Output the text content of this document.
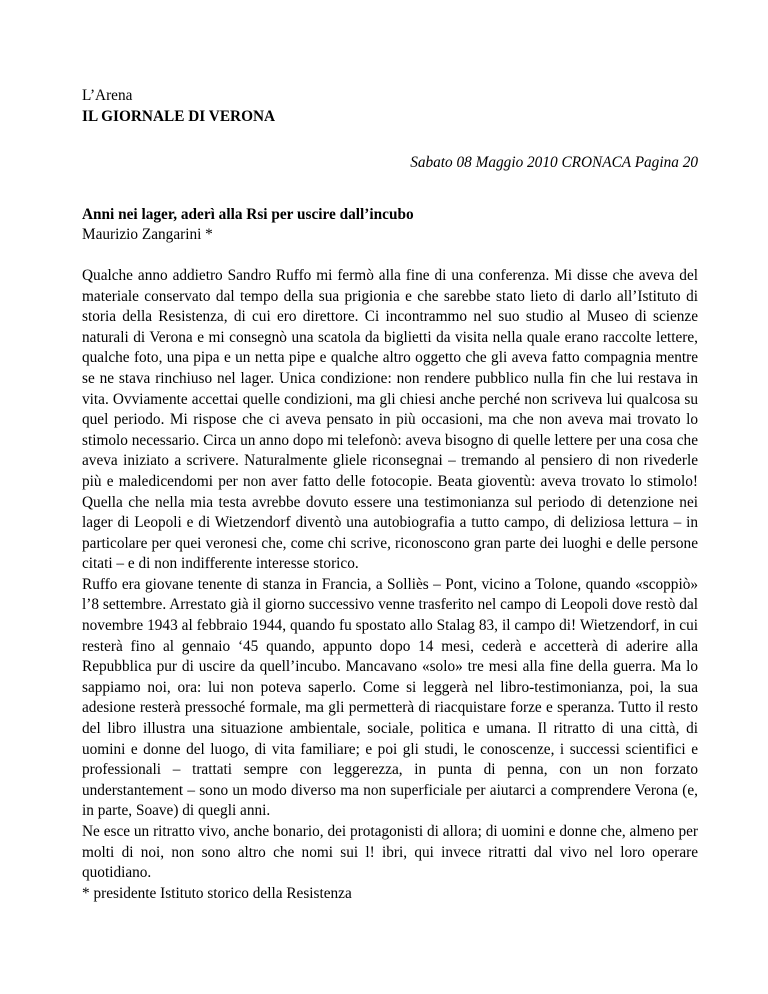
L’Arena

IL GIORNALE DI VERONA

Sabato 08 Maggio 2010 CRONACA Pagina 20

Anni nei lager, aderì alla Rsi per uscire dall’incubo

Maurizio Zangarini *

Qualche anno addietro Sandro Ruffo mi fermò alla fine di una conferenza. Mi disse che aveva del materiale conservato dal tempo della sua prigionia e che sarebbe stato lieto di darlo all’Istituto di storia della Resistenza, di cui ero direttore. Ci incontrammo nel suo studio al Museo di scienze naturali di Verona e mi consegnò una scatola da biglietti da visita nella quale erano raccolte lettere, qualche foto, una pipa e un netta pipe e qualche altro oggetto che gli aveva fatto compagnia mentre se ne stava rinchiuso nel lager. Unica condizione: non rendere pubblico nulla fin che lui restava in vita. Ovviamente accettai quelle condizioni, ma gli chiesi anche perché non scriveva lui qualcosa su quel periodo. Mi rispose che ci aveva pensato in più occasioni, ma che non aveva mai trovato lo stimolo necessario. Circa un anno dopo mi telefonò: aveva bisogno di quelle lettere per una cosa che aveva iniziato a scrivere. Naturalmente gliele riconsegnai – tremando al pensiero di non rivederle più e maledicendomi per non aver fatto delle fotocopie. Beata gioventù: aveva trovato lo stimolo! Quella che nella mia testa avrebbe dovuto essere una testimonianza sul periodo di detenzione nei lager di Leopoli e di Wietzendorf diventò una autobiografia a tutto campo, di deliziosa lettura – in particolare per quei veronesi che, come chi scrive, riconoscono gran parte dei luoghi e delle persone citati – e di non indifferente interesse storico.

Ruffo era giovane tenente di stanza in Francia, a Solliès – Pont, vicino a Tolone, quando «scoppiò» l’8 settembre. Arrestato già il giorno successivo venne trasferito nel campo di Leopoli dove restò dal novembre 1943 al febbraio 1944, quando fu spostato allo Stalag 83, il campo di! Wietzendorf, in cui resterà fino al gennaio ‘45 quando, appunto dopo 14 mesi, cederà e accetterà di aderire alla Repubblica pur di uscire da quell’incubo. Mancavano «solo» tre mesi alla fine della guerra. Ma lo sappiamo noi, ora: lui non poteva saperlo. Come si leggerà nel libro-testimonianza, poi, la sua adesione resterà pressoché formale, ma gli permetterà di riacquistare forze e speranza. Tutto il resto del libro illustra una situazione ambientale, sociale, politica e umana. Il ritratto di una città, di uomini e donne del luogo, di vita familiare; e poi gli studi, le conoscenze, i successi scientifici e professionali – trattati sempre con leggerezza, in punta di penna, con un non forzato understantement – sono un modo diverso ma non superficiale per aiutarci a comprendere Verona (e, in parte, Soave) di quegli anni.

Ne esce un ritratto vivo, anche bonario, dei protagonisti di allora; di uomini e donne che, almeno per molti di noi, non sono altro che nomi sui l! ibri, qui invece ritratti dal vivo nel loro operare quotidiano.

* presidente Istituto storico della Resistenza
